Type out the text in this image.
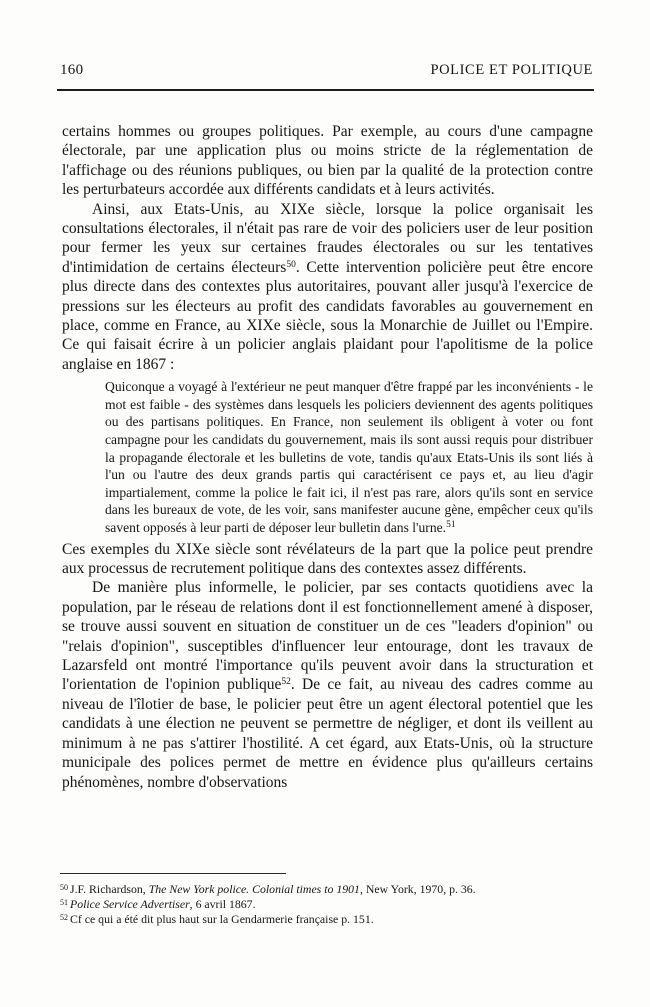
160	POLICE ET POLITIQUE

certains hommes ou groupes politiques. Par exemple, au cours d'une campagne électorale, par une application plus ou moins stricte de la réglementation de l'affichage ou des réunions publiques, ou bien par la qualité de la protection contre les perturbateurs accordée aux différents candidats et à leurs activités.

Ainsi, aux Etats-Unis, au XIXe siècle, lorsque la police organisait les consultations électorales, il n'était pas rare de voir des policiers user de leur position pour fermer les yeux sur certaines fraudes électorales ou sur les tentatives d'intimidation de certains électeurs$^{50}$. Cette intervention policière peut être encore plus directe dans des contextes plus autoritaires, pouvant aller jusqu'à l'exercice de pressions sur les électeurs au profit des candidats favorables au gouvernement en place, comme en France, au XIXe siècle, sous la Monarchie de Juillet ou l'Empire. Ce qui faisait écrire à un policier anglais plaidant pour l'apolitisme de la police anglaise en 1867 :

Quiconque a voyagé à l'extérieur ne peut manquer d'être frappé par les inconvénients - le mot est faible - des systèmes dans lesquels les policiers deviennent des agents politiques ou des partisans politiques. En France, non seulement ils obligent à voter ou font campagne pour les candidats du gouvernement, mais ils sont aussi requis pour distribuer la propagande électorale et les bulletins de vote, tandis qu'aux Etats-Unis ils sont liés à l'un ou l'autre des deux grands partis qui caractérisent ce pays et, au lieu d'agir impartialement, comme la police le fait ici, il n'est pas rare, alors qu'ils sont en service dans les bureaux de vote, de les voir, sans manifester aucune gène, empêcher ceux qu'ils savent opposés à leur parti de déposer leur bulletin dans l'urne.$^{51}$

Ces exemples du XIXe siècle sont révélateurs de la part que la police peut prendre aux processus de recrutement politique dans des contextes assez différents.

De manière plus informelle, le policier, par ses contacts quotidiens avec la population, par le réseau de relations dont il est fonctionnellement amené à disposer, se trouve aussi souvent en situation de constituer un de ces "leaders d'opinion" ou "relais d'opinion", susceptibles d'influencer leur entourage, dont les travaux de Lazarsfeld ont montré l'importance qu'ils peuvent avoir dans la structuration et l'orientation de l'opinion publique$^{52}$. De ce fait, au niveau des cadres comme au niveau de l'îlotier de base, le policier peut être un agent électoral potentiel que les candidats à une élection ne peuvent se permettre de négliger, et dont ils veillent au minimum à ne pas s'attirer l'hostilité. A cet égard, aux Etats-Unis, où la structure municipale des polices permet de mettre en évidence plus qu'ailleurs certains phénomènes, nombre d'observations

$^{50}$ J.F. Richardson, The New York police. Colonial times to 1901, New York, 1970, p. 36.

$^{51}$ Police Service Advertiser, 6 avril 1867.

$^{52}$ Cf ce qui a été dit plus haut sur la Gendarmerie française p. 151.
